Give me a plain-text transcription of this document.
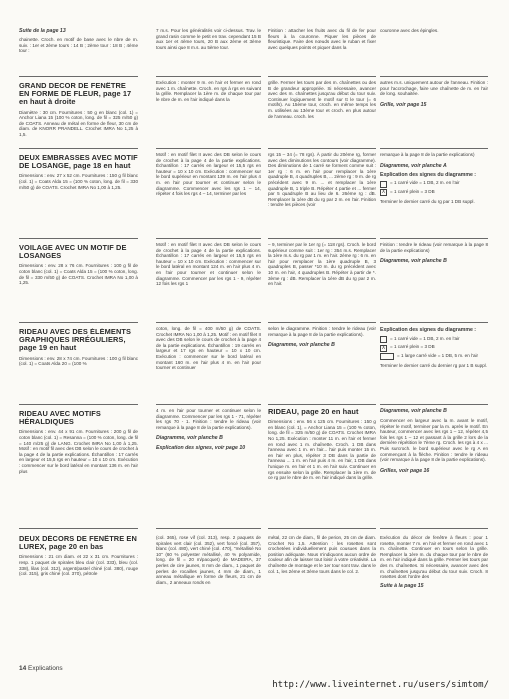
Suite de la page 13
chainette. Croch. en motif de base avec le nbre de m. suiv. : 1er et 2ème tours : 14 B ; 2ème tour : 18 B ; 4ème tour :
GRAND DECOR DE FENÊTRE EN FORME DE FLEUR, page 17 en haut à droite
Diamètre : 30 cm. Fournitures : 50 g en blanc (col. 1) = Anchor Liana 15 (100 % coton, long. de fil = 325 m/50 g) de COATS. Anneau de métal en forme de fleur, 30 cm de diam. de KNORR PRANDELL. Crochet IMRA No 1,25 à 1,5.
DEUX EMBRASSES AVEC MOTIF DE LOSANGE, page 18 en haut
Dimensions : env. 27 x 52 cm. Fournitures : 150 g fil blanc (col. 1) = Coats Alda 15 = (100 % coton, long. de fil = 330 m/50 g) de COATS. Crochet IMRA No 1,00 à 1,25.
VOILAGE AVEC UN MOTIF DE LOSANGES
Dimensions : env. 28 x 76 cm. Fournitures : 100 g fil de coton blanc (col. 1) = Coats Alda 15 = (100 % coton, long. de fil = 330 m/50 g) de COATS. Crochet IMRA No 1,00 à 1,25.
RIDEAU AVEC DES ÉLÉMENTS GRAPHIQUES IRRÉGULIERS, page 19 en haut
Dimensions : env. 28 x 74 cm. Fournitures : 100 g fil blanc (col. 1) = Coats Alda 20 = (100 %
RIDEAU AVEC MOTIFS HÉRALDIQUES
Dimensions : env. 44 x 91 cm. Fournitures : 200 g fil de coton blanc (col. 1) = Resanna = (100 % coton, long. de fil = 140 m/25 g) de LANG. Crochet IMRA No 1,00 à 1,25. Motif : en motif fil avec des DB selon le cours de crochet à la page 4 de la partie explications. Échantillon : 17 carrés en largeur et 15,5 rgs en hauteur = 10 x 10 cm. Exécution : commencer sur le bord latéral en montant 136 m. en l'air plus
DEUX DÉCORS DE FENÊTRE EN LUREX, page 20 en bas
Dimensions : 21 cm diam. et 22 x 31 cm. Fournitures : resp. 1 paquet de spirales bleu clair (col. 333), bleu (col. 338), lilas (col. 312), argent/pastel chiné (col. 380), rouge (col. 315), gris chiné (col. 370), pétrole
7 m.s. Pour les généralités voir ci-dessus. Trav. le grand rasin comme le petit en trav. cependant 15 B aux 1er et 4ème tours, 20 B aux 2ème et 3ème tours ainsi que 8 m.s. au 5ème tour.
Exécution : monter 9 m. en l'air et fermer en rond avec 1 m. chaînette. Croch. en rgs à rgs en suivant la grille. Remplacer la 1ère m. de chaque tour par le nbre de m. en l'air indiqué dans la
Motif : en motif filet II avec des DB selon le cours de crochet à la page 4 de la partie explications. Échantillon : 17 carrés en largeur et 15,5 rgs en hauteur = 10 x 10 cm. Exécution : commencer sur le bord supérieur en montant 139 m. en l'air plus 4 m. en l'air pour tourner et continuer selon le diagramme. Commencer avec les rgs 1 – 14, répéter 4 fois les rgs 4 – 14, terminer par les
Motif : en motif filet II avec des DB selon le cours de crochet à la page 4 de la partie explications. Échantillon : 17 carrés en largeur et 15,5 rgs en hauteur = 10 x 10 cm. Exécution : commencer sur le bord latéral en montant 124 m. en l'air plus 4 m. en l'air pour tourner et continuer selon le diagramme. Commencer par les rgs 1 - 9, répéter 12 fois les rgs 1
coton, long. de fil = 400 m/50 g) de COATS. Crochet IMRA No 1,00 à 1,25. Motif : en motif filet II avec des DB selon le cours de crochet à la page 4 de la partie explications. Échantillon : 19 carrés en largeur et 17 rgs en hauteur = 10 x 10 cm. Exécution : commencer sur le bord latéral en montant 160 m. en l'air plus 4 m. en l'air pour tourner et continuer
4 m. en l'air pour tourner et continuer selon le diagramme. Commencer par les rgs 1 - 71, répéter les rgs 70 - 1. Finition : tendre le rideau (voir remarque à la page 8 de la partie explications).
Diagramme, voir planche B
Explication des signes, voir page 10
(col. 365), rose vif (col. 313), resp. 2 paquets de spirales vert clair (col. 352), vert foncé (col. 357), blanc (col. 480), vert chiné (col. 470), "métallisé No 10" (60 % polyester métallisé, 40 % polyamide, long. de fil = 20 m/pacquet) de MADEIRA, 37 perles de cire jaunes, 8 mm de diam., 1 paquet de perles de rocailles jaunes, 4 mm de diam., 1 anneau métallique en forme de fleurs, 21 cm de diam., 2 anneaux ronds en
Finition : attacher les fruits avec du fil de fer pour fleurs à la couronne. Piquer les pièces de fleuristique. Faire des nœuds avec le ruban et fixer avec quelques points et piquer dans la
grille. Fermer les tours par des m. chaînettes ou des B de grandeur appropriée. Si nécessaire, avancer avec des m. chaînettes jusqu'au début du tour suiv. Continuer logiquement le motif sur tt le tour (= 6 motifs). Au 15ème tour, croch. en même temps les m. utilisées au 13ème tour et croch. en plus autour de l'anneau. croch. les
rgs 15 – 34 (= 78 rgs). À partir du 20ème rg, former avec des diminutions les contours (voir diagramme). Des diminutions de 1 carré se forment comme suit : 1er rg : 6 m. en l'air pour remplacer la 1ère quadruple B, 4 quadruples B, ... 2ème rg : 9 m. de rg précédent avec 9 m. ... et remplacer la 1ère quadruple B, 1 triple B. Répéter 4 partie et ... fermer par 5 quadruple B au lieu de 6. 26ème rg : dB. Remplacer la 1ère dB du rg par 2 m. en l'air. Finition : tendre les pièces (voir
– 9, terminer par le 1er rg (= 118 rgs). Croch. le bord supérieur comme suit : 1er rg : 354 m.s. Remplacer la 1ère m.s. du rg par 1 m. en l'air. 2ème rg : 6 m. en l'air pour remplacer la 1ère quadruple B, 3 quadruples B, passer *10 m. du rg précédent avec 10 m. en l'air, 4 quadruples B. Répéter à partir de *. 3ème rg : dB. Remplacer la 1ère dB du rg par 2 m. en l'air.
selon le diagramme. Finition : tendre le rideau (voir remarque à la page 8 de la partie explications).
Diagramme, voir planche B
RIDEAU, page 20 en haut
Dimensions : env. 56 x 125 cm. Fournitures : 150 g en blanc (col. 1), = Anchor Liana 15 = (100 % coton, long. de fil = 325 m/50 g) de COATS. Crochet IMRA No 1,25. Exécution : monter 11 m. en l'air et fermer en rond avec 1 m. chaînette. Croch. 1 DB dans l'anneau avec 1 m. en l'air... l'air puis monter 15 m. en l'air en plus, répéter 3 DB dans la partie de l'anneau ... 1 m. en l'air puis 4 m. en l'air, 1 DB dans l'unique m. en l'air et 1 m. en l'air suiv. Continuer en rgs ensuite selon la grille. Remplacer la 1ère m. de ce rg par le nbre de m. en l'air indiqué dans la grille.
métal, 22 cm de diam., fil de perion, 25 cm de diam. Crochet No 1,5. Attention : les rosettes sont crochetées individuellement puis cousues dans la position adéquate. Nous n'indiquons aucun ordre de couleur afin de laisser tout loisir à votre créativité. La chaînette de montage et le 1er tour sont trav. dans le col. 1, les 2ème et 3ème tours dans le col. 2.
couronne avec des épingles.
autres m.s. uniquement autour de l'anneau. Finition : pour l'accrochage, faire une chaînette de m. en l'air de long. souhaitée.
Grille, voir page 15
remarque à la page 8 de la partie explications)
Diagramme, voir planche A
Explication des signes du diagramme :
= 1 carré vide = 1 DB, 2 m. en l'air
X	= 1 carré plein = 3 DB
Terminer le dernier carré du rg par 1 DB suppl.
Finition : tendre le rideau (voir remarque à la page 8 de la partie explications)
Diagramme, voir planche B
Explication des signes du diagramme :
= 1 carré vide = 1 DB, 2 m. en l'air
X	= 1 carré plein = 3 DB
= 1 large carré vide = 1 DB, 5 m. en l'air
Terminer le dernier carré du dernier rg par 1 B suppl.
Diagramme, voir planche B
Commencer en largeur avec la m. avant le motif, répéter le motif, terminer par la m. après le motif. En hauteur, commencer avec les rgs 1 – 12, répéter 4,5 fois les rgs 1 – 12 et passant à la grille 2 lors de la dernière répétition le 7ème rg. Croch. les rgs à 4 x ... Puis surcroch. le bord supérieur avec le rg A en commençant à la flèche. Finition : tendre le rideau (voir remarque à la page 8 de la partie explications).
Grilles, voir page 16
Exécution du décor de fenêtre à fleurs : pour 1 rosette, monter 7 m. en l'air et fermer en rond avec 1 m. chaînette. Continuer en tours selon la grille. Remplacer la 1ère m. du chaque tour par le nbre de m. en l'air indiqué dans la grille. Fermer les tours par des m. chaînettes. Si nécessaire, avancer avec des m. chaînettes jusqu'au début du tour suiv. Croch. 8 rosettes dont l'ordre des
Suite à la page 15
14 Explications
http://www.liveinternet.ru/users/simtom/
